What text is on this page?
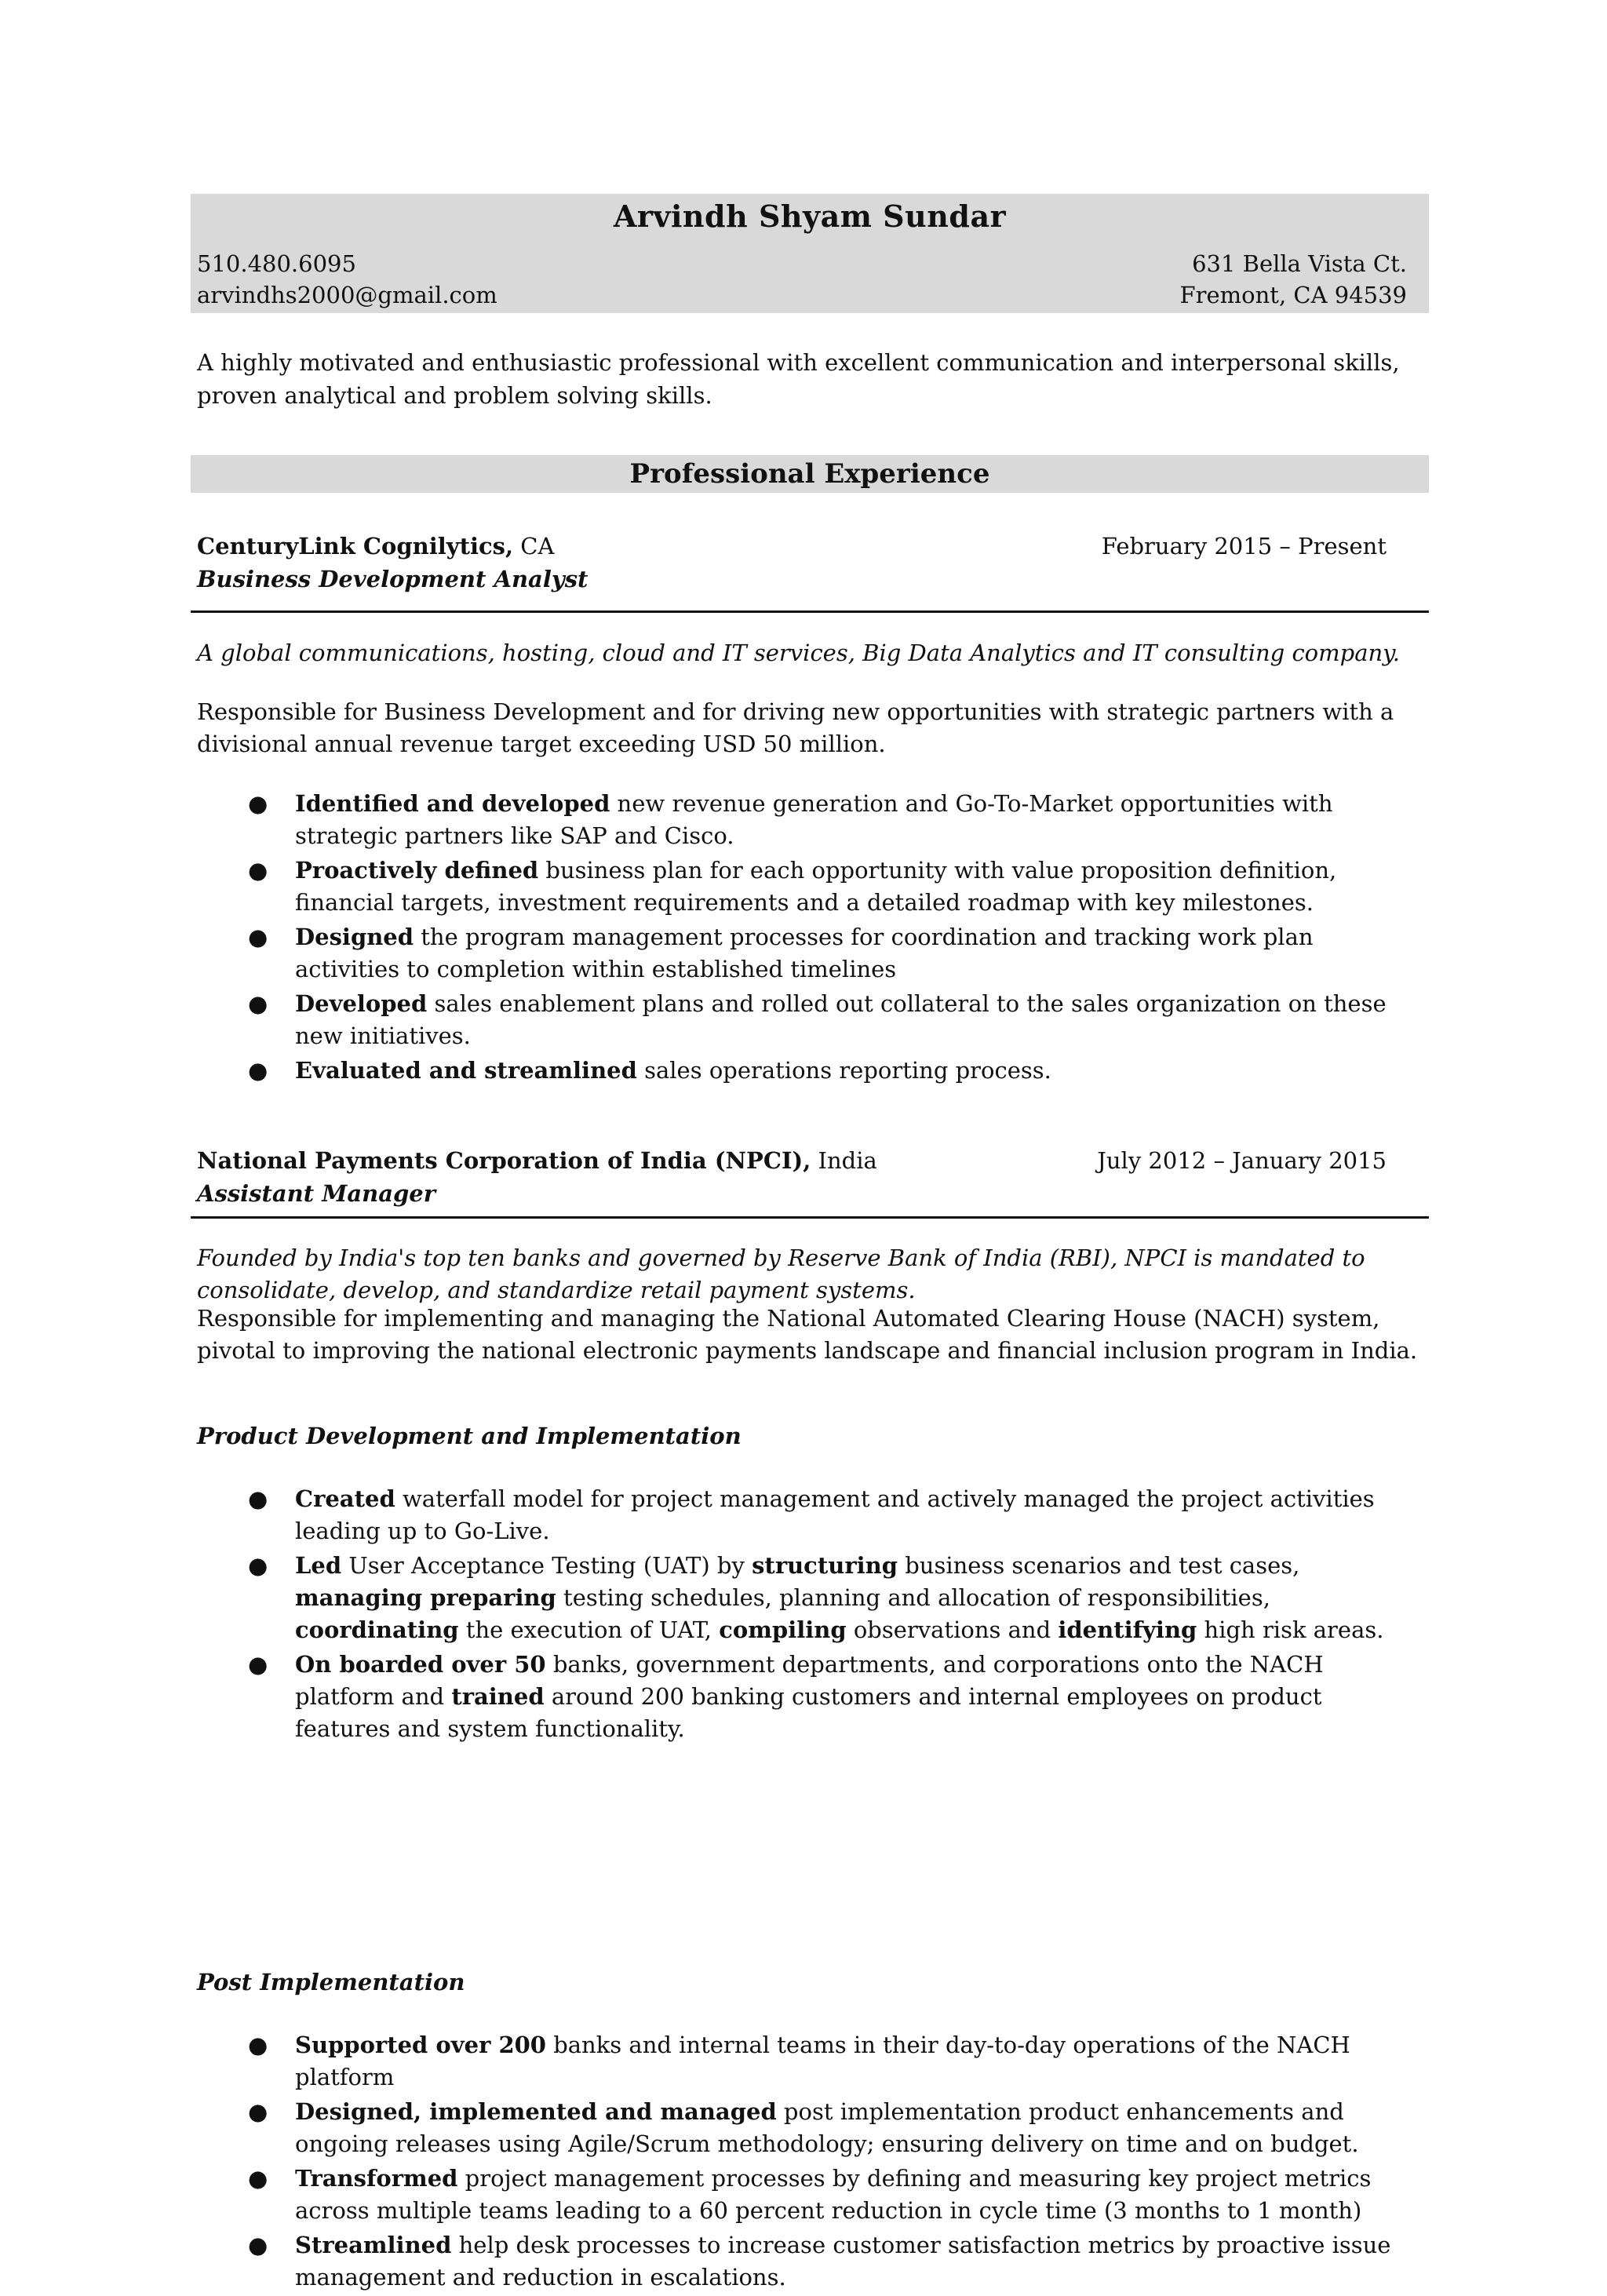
Arvindh Shyam Sundar
510.480.6095	631 Bella Vista Ct.
arvindhs2000@gmail.com	Fremont, CA 94539
A highly motivated and enthusiastic professional with excellent communication and interpersonal skills, proven analytical and problem solving skills.
Professional Experience
CenturyLink Cognilytics, CA	February 2015 – Present
Business Development Analyst
A global communications, hosting, cloud and IT services, Big Data Analytics and IT consulting company.
Responsible for Business Development and for driving new opportunities with strategic partners with a divisional annual revenue target exceeding USD 50 million.
● Identified and developed new revenue generation and Go-To-Market opportunities with strategic partners like SAP and Cisco.
● Proactively defined business plan for each opportunity with value proposition definition, financial targets, investment requirements and a detailed roadmap with key milestones.
● Designed the program management processes for coordination and tracking work plan activities to completion within established timelines
● Developed sales enablement plans and rolled out collateral to the sales organization on these new initiatives.
● Evaluated and streamlined sales operations reporting process.
National Payments Corporation of India (NPCI), India	July 2012 – January 2015
Assistant Manager
Founded by India's top ten banks and governed by Reserve Bank of India (RBI), NPCI is mandated to consolidate, develop, and standardize retail payment systems.
Responsible for implementing and managing the National Automated Clearing House (NACH) system, pivotal to improving the national electronic payments landscape and financial inclusion program in India.
Product Development and Implementation
● Created waterfall model for project management and actively managed the project activities leading up to Go-Live.
● Led User Acceptance Testing (UAT) by structuring business scenarios and test cases, managing preparing testing schedules, planning and allocation of responsibilities, coordinating the execution of UAT, compiling observations and identifying high risk areas.
● On boarded over 50 banks, government departments, and corporations onto the NACH platform and trained around 200 banking customers and internal employees on product features and system functionality.
Post Implementation
● Supported over 200 banks and internal teams in their day-to-day operations of the NACH platform
● Designed, implemented and managed post implementation product enhancements and ongoing releases using Agile/Scrum methodology; ensuring delivery on time and on budget.
● Transformed project management processes by defining and measuring key project metrics across multiple teams leading to a 60 percent reduction in cycle time (3 months to 1 month)
● Streamlined help desk processes to increase customer satisfaction metrics by proactive issue management and reduction in escalations.
